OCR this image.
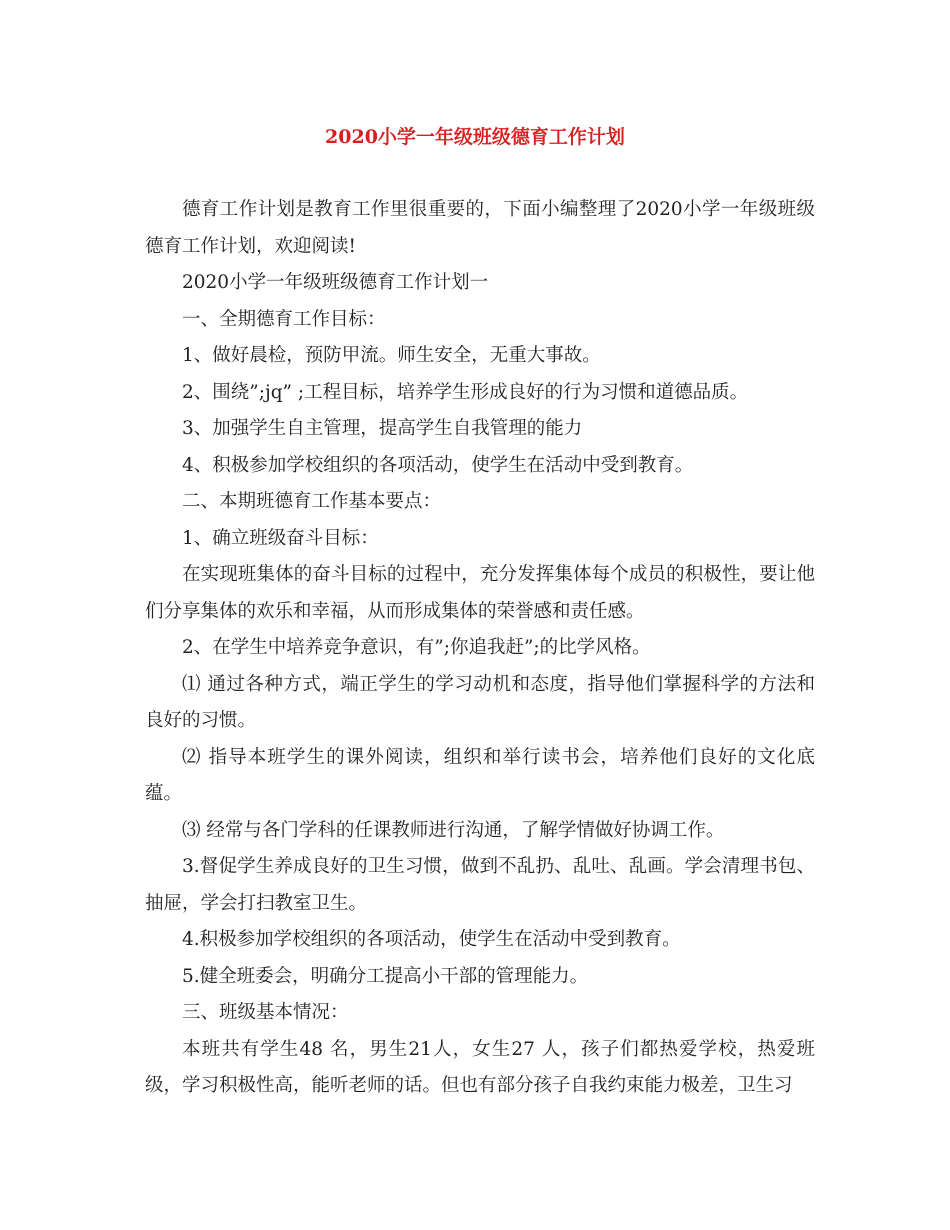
2020小学一年级班级德育工作计划

德育工作计划是教育工作里很重要的，下面小编整理了2020小学一年级班级德育工作计划，欢迎阅读!

2020小学一年级班级德育工作计划一

一、全期德育工作目标：

1、做好晨检，预防甲流。师生安全，无重大事故。

2、围绕”;jq” ;工程目标，培养学生形成良好的行为习惯和道德品质。

3、加强学生自主管理，提高学生自我管理的能力

4、积极参加学校组织的各项活动，使学生在活动中受到教育。

二、本期班德育工作基本要点：

1、确立班级奋斗目标：

在实现班集体的奋斗目标的过程中，充分发挥集体每个成员的积极性，要让他们分享集体的欢乐和幸福，从而形成集体的荣誉感和责任感。

2、在学生中培养竞争意识，有”;你追我赶”;的比学风格。

⑴ 通过各种方式，端正学生的学习动机和态度，指导他们掌握科学的方法和良好的习惯。

⑵ 指导本班学生的课外阅读，组织和举行读书会，培养他们良好的文化底蕴。

⑶ 经常与各门学科的任课教师进行沟通，了解学情做好协调工作。

3.督促学生养成良好的卫生习惯，做到不乱扔、乱吐、乱画。学会清理书包、抽屉，学会打扫教室卫生。

4.积极参加学校组织的各项活动，使学生在活动中受到教育。

5.健全班委会，明确分工提高小干部的管理能力。

三、班级基本情况：

本班共有学生48 名，男生21人，女生27 人，孩子们都热爱学校，热爱班级，学习积极性高，能听老师的话。但也有部分孩子自我约束能力极差，卫生习
